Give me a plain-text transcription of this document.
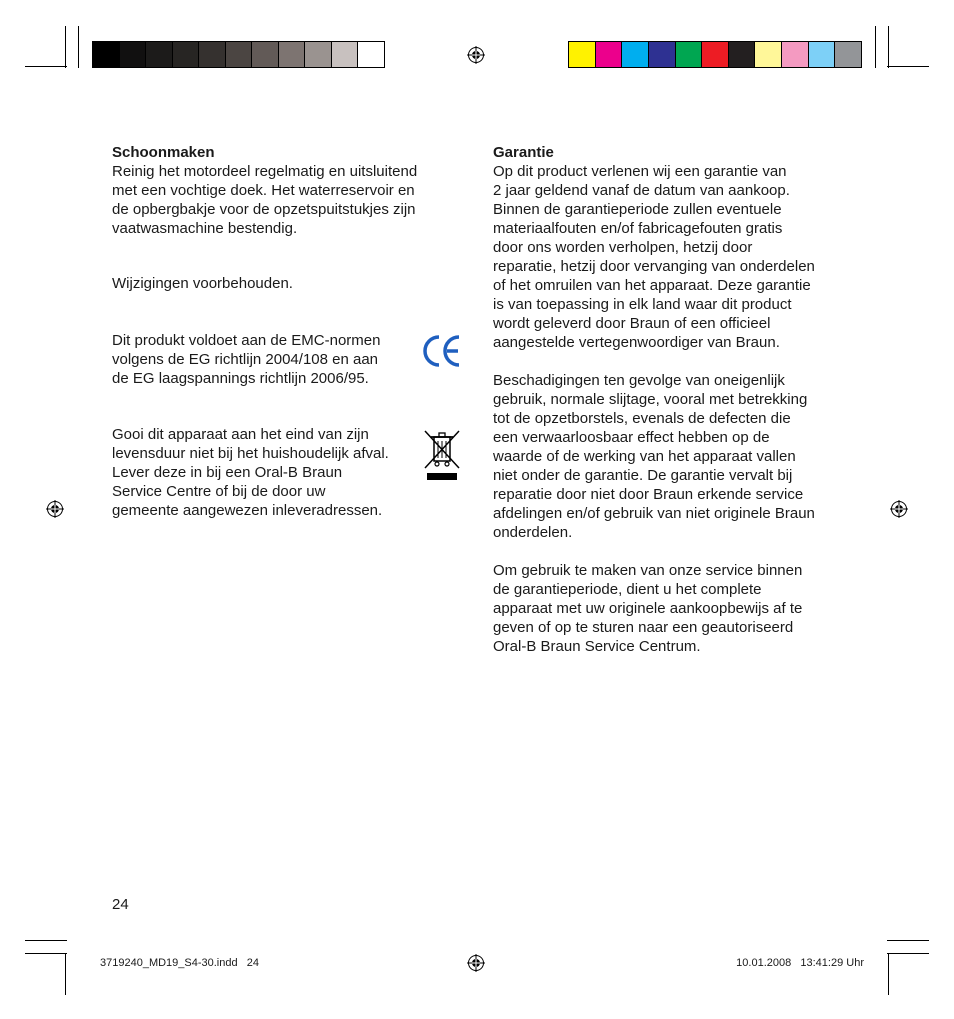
Schoonmaken

Reinig het motordeel regelmatig en uitsluitend
met een vochtige doek. Het waterreservoir en
de opbergbakje voor de opzetspuitstukjes zijn
vaatwasmachine bestendig.

Wijzigingen voorbehouden.

Dit produkt voldoet aan de EMC-normen
volgens de EG richtlijn 2004/108 en aan
de EG laagspannings richtlijn 2006/95.

Gooi dit apparaat aan het eind van zijn
levensduur niet bij het huishoudelijk afval.
Lever deze in bij een Oral-B Braun
Service Centre of bij de door uw
gemeente aangewezen inleveradressen.

Garantie

Op dit product verlenen wij een garantie van
2 jaar geldend vanaf de datum van aankoop.
Binnen de garantieperiode zullen eventuele
materiaalfouten en/of fabricagefouten gratis
door ons worden verholpen, hetzij door
reparatie, hetzij door vervanging van onderdelen
of het omruilen van het apparaat. Deze garantie
is van toepassing in elk land waar dit product
wordt geleverd door Braun of een officieel
aangestelde vertegenwoordiger van Braun.

Beschadigingen ten gevolge van oneigenlijk
gebruik, normale slijtage, vooral met betrekking
tot de opzetborstels, evenals de defecten die
een verwaarloosbaar effect hebben op de
waarde of de werking van het apparaat vallen
niet onder de garantie. De garantie vervalt bij
reparatie door niet door Braun erkende service
afdelingen en/of gebruik van niet originele Braun
onderdelen.

Om gebruik te maken van onze service binnen
de garantieperiode, dient u het complete
apparaat met uw originele aankoopbewijs af te
geven of op te sturen naar een geautoriseerd
Oral-B Braun Service Centrum.

24
3719240_MD19_S4-30.indd   24	10.01.2008   13:41:29 Uhr
